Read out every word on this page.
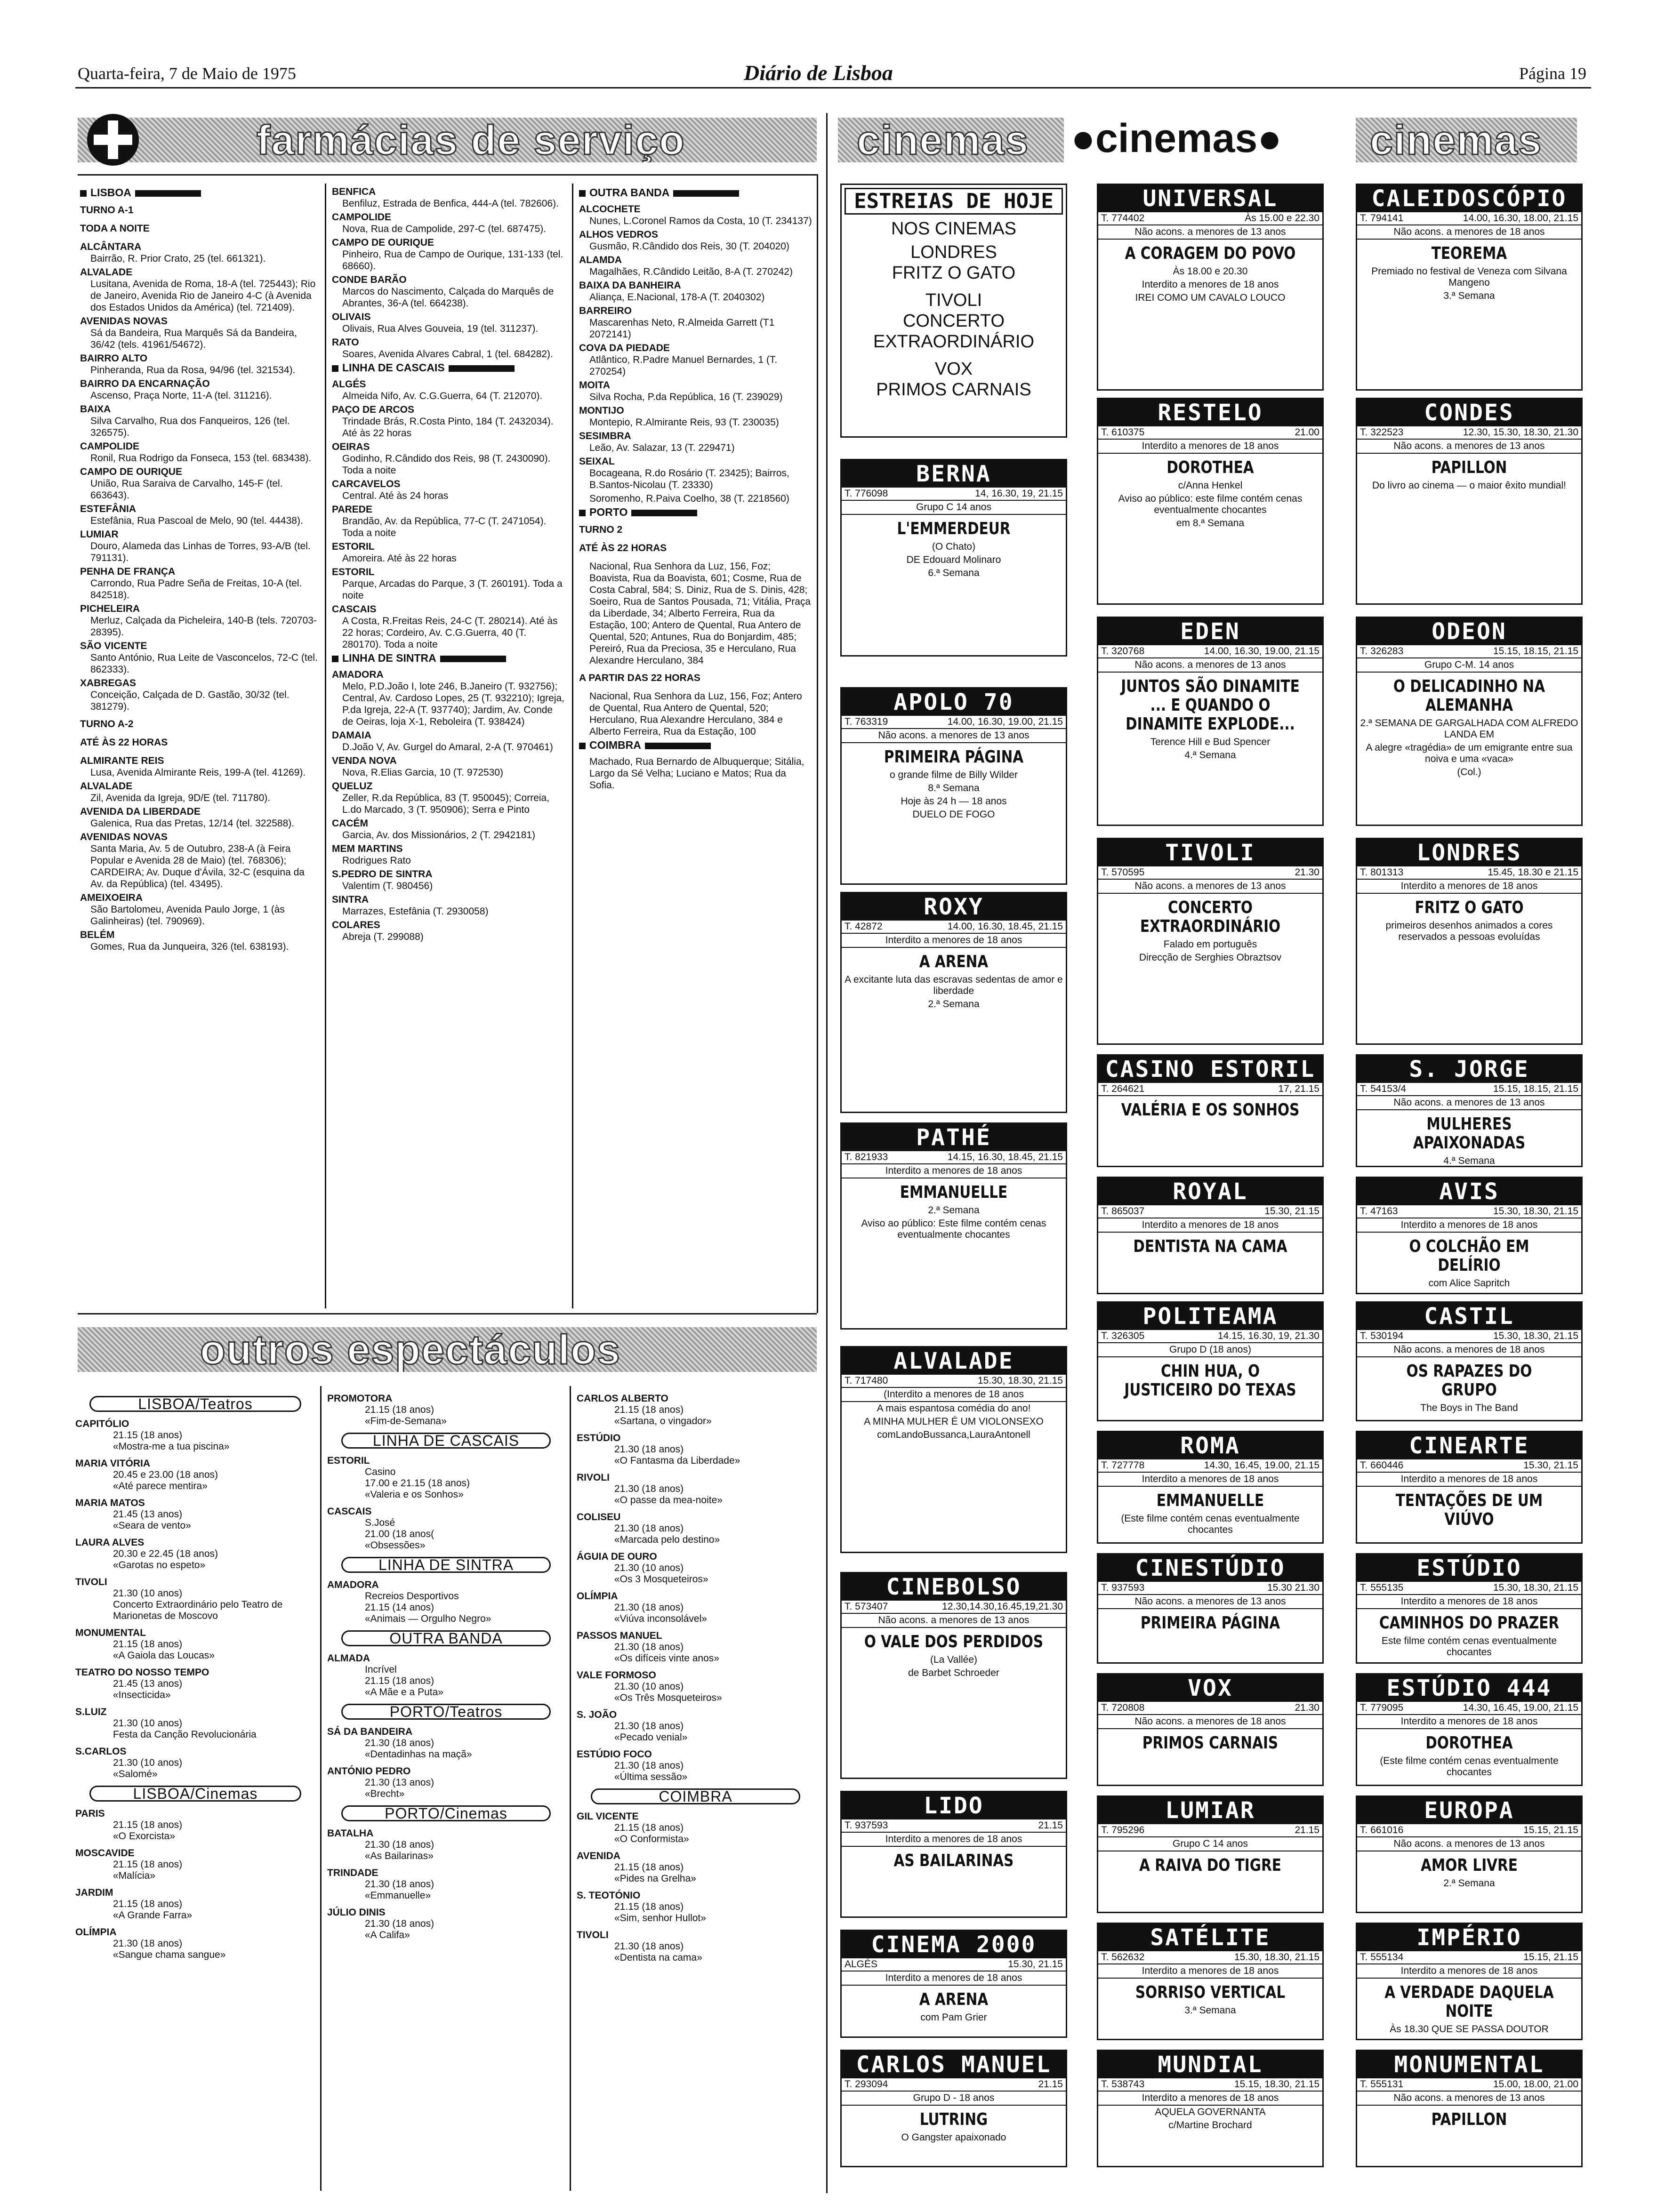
Quarta-feira, 7 de Maio de 1975	Diário de Lisboa	Página 19
farmácias de serviço
LISBOA
TURNO A-1
TODA A NOITE
ALCÂNTARA
Bairrão, R. Prior Crato, 25 (tel. 661321).
ALVALADE
Lusitana, Avenida de Roma, 18-A (tel. 725443); Rio de Janeiro, Avenida Rio de Janeiro 4-C (à Avenida dos Estados Unidos da América) (tel. 721409).
AVENIDAS NOVAS
Sá da Bandeira, Rua Marquês Sá da Bandeira, 36/42 (tels. 41961/54672).
BAIRRO ALTO
Pinheranda, Rua da Rosa, 94/96 (tel. 321534).
BAIRRO DA ENCARNAÇÃO
Ascenso, Praça Norte, 11-A (tel. 311216).
BAIXA
Silva Carvalho, Rua dos Fanqueiros, 126 (tel. 326575).
CAMPOLIDE
Ronil, Rua Rodrigo da Fonseca, 153 (tel. 683438).
CAMPO DE OURIQUE
União, Rua Saraiva de Carvalho, 145-F (tel. 663643).
ESTEFÂNIA
Estefânia, Rua Pascoal de Melo, 90 (tel. 44438).
LUMIAR
Douro, Alameda das Linhas de Torres, 93-A/B (tel. 791131).
PENHA DE FRANÇA
Carrondo, Rua Padre Seña de Freitas, 10-A (tel. 842518).
PICHELEIRA
Merluz, Calçada da Picheleira, 140-B (tels. 720703-28395).
SÃO VICENTE
Santo António, Rua Leite de Vasconcelos, 72-C (tel. 862333).
XABREGAS
Conceição, Calçada de D. Gastão, 30/32 (tel. 381279).
TURNO A-2
ATÉ ÀS 22 HORAS
ALMIRANTE REIS
Lusa, Avenida Almirante Reis, 199-A (tel. 41269).
ALVALADE
Zil, Avenida da Igreja, 9D/E (tel. 711780).
AVENIDA DA LIBERDADE
Galenica, Rua das Pretas, 12/14 (tel. 322588).
AVENIDAS NOVAS
Santa Maria, Av. 5 de Outubro, 238-A (à Feira Popular e Avenida 28 de Maio) (tel. 768306); CARDEIRA; Av. Duque d'Ávila, 32-C (esquina da Av. da República) (tel. 43495).
AMEIXOEIRA
São Bartolomeu, Avenida Paulo Jorge, 1 (às Galinheiras) (tel. 790969).
BELÉM
Gomes, Rua da Junqueira, 326 (tel. 638193).
BENFICA
Benfiluz, Estrada de Benfica, 444-A (tel. 782606).
CAMPOLIDE
Nova, Rua de Campolide, 297-C (tel. 687475).
CAMPO DE OURIQUE
Pinheiro, Rua de Campo de Ourique, 131-133 (tel. 68660).
CONDE BARÃO
Marcos do Nascimento, Calçada do Marquês de Abrantes, 36-A (tel. 664238).
OLIVAIS
Olivais, Rua Alves Gouveia, 19 (tel. 311237).
RATO
Soares, Avenida Alvares Cabral, 1 (tel. 684282).
LINHA DE CASCAIS
ALGÉS
Almeida Nifo, Av. C.G.Guerra, 64 (T. 212070).
PAÇO DE ARCOS
Trindade Brás, R.Costa Pinto, 184 (T. 2432034). Até às 22 horas
OEIRAS
Godinho, R.Cândido dos Reis, 98 (T. 2430090). Toda a noite
CARCAVELOS
Central. Até às 24 horas
PAREDE
Brandão, Av. da República, 77-C (T. 2471054). Toda a noite
ESTORIL
Amoreira. Até às 22 horas
ESTORIL
Parque, Arcadas do Parque, 3 (T. 260191). Toda a noite
CASCAIS
A Costa, R.Freitas Reis, 24-C (T. 280214). Até às 22 horas; Cordeiro, Av. C.G.Guerra, 40 (T. 280170). Toda a noite
LINHA DE SINTRA
AMADORA
Melo, P.D.João I, lote 246, B.Janeiro (T. 932756); Central, Av. Cardoso Lopes, 25 (T. 932210); Igreja, P.da Igreja, 22-A (T. 937740); Jardim, Av. Conde de Oeiras, loja X-1, Reboleira (T. 938424)
DAMAIA
D.João V, Av. Gurgel do Amaral, 2-A (T. 970461)
VENDA NOVA
Nova, R.Elias Garcia, 10 (T. 972530)
QUELUZ
Zeller, R.da República, 83 (T. 950045); Correia, L.do Marcado, 3 (T. 950906); Serra e Pinto
CACÉM
Garcia, Av. dos Missionários, 2 (T. 2942181)
MEM MARTINS
Rodrigues Rato
S.PEDRO DE SINTRA
Valentim (T. 980456)
SINTRA
Marrazes, Estefânia (T. 2930058)
COLARES
Abreja (T. 299088)
OUTRA BANDA
ALCOCHETE
Nunes, L.Coronel Ramos da Costa, 10 (T. 234137)
ALHOS VEDROS
Gusmão, R.Cândido dos Reis, 30 (T. 204020)
ALAMDA
Magalhães, R.Cândido Leitão, 8-A (T. 270242)
BAIXA DA BANHEIRA
Aliança, E.Nacional, 178-A (T. 2040302)
BARREIRO
Mascarenhas Neto, R.Almeida Garrett (T1 2072141)
COVA DA PIEDADE
Atlântico, R.Padre Manuel Bernardes, 1 (T. 270254)
MOITA
Silva Rocha, P.da República, 16 (T. 239029)
MONTIJO
Montepio, R.Almirante Reis, 93 (T. 230035)
SESIMBRA
Leão, Av. Salazar, 13 (T. 229471)
SEIXAL
Bocageana, R.do Rosário (T. 23425); Bairros, B.Santos-Nicolau (T. 23330)
Soromenho, R.Paiva Coelho, 38 (T. 2218560)
PORTO
TURNO 2
ATÉ ÀS 22 HORAS
Nacional, Rua Senhora da Luz, 156, Foz; Boavista, Rua da Boavista, 601; Cosme, Rua de Costa Cabral, 584; S. Diniz, Rua de S. Dinis, 428; Soeiro, Rua de Santos Pousada, 71; Vitália, Praça da Liberdade, 34; Alberto Ferreira, Rua da Estação, 100; Antero de Quental, Rua Antero de Quental, 520; Antunes, Rua do Bonjardim, 485; Pereiró, Rua da Preciosa, 35 e Herculano, Rua Alexandre Herculano, 384
A PARTIR DAS 22 HORAS
Nacional, Rua Senhora da Luz, 156, Foz; Antero de Quental, Rua Antero de Quental, 520; Herculano, Rua Alexandre Herculano, 384 e Alberto Ferreira, Rua da Estação, 100
COIMBRA
Machado, Rua Bernardo de Albuquerque; Sitália, Largo da Sé Velha; Luciano e Matos; Rua da Sofia.
cinemas ●cinemas● cinemas
ESTREIAS DE HOJE
NOS CINEMAS
LONDRES
FRITZ O GATO
TIVOLI
CONCERTO
EXTRAORDINÁRIO
VOX
PRIMOS CARNAIS
BERNA
T. 776098	14, 16.30, 19, 21.15
Grupo C 14 anos
L'EMMERDEUR
(O Chato)
DE Edouard Molinaro
6.ª Semana
APOLO 70
T. 763319	14.00, 16.30, 19.00, 21.15
Não acons. a menores de 13 anos
PRIMEIRA PÁGINA
o grande filme de Billy Wilder
8.ª Semana
Hoje às 24 h — 18 anos
DUELO DE FOGO
ROXY
T. 42872	14.00, 16.30, 18.45, 21.15
Interdito a menores de 18 anos
A ARENA
A excitante luta das escravas sedentas de amor e liberdade
2.ª Semana
PATHÉ
T. 821933	14.15, 16.30, 18.45, 21.15
Interdito a menores de 18 anos
EMMANUELLE
2.ª Semana
Aviso ao público: Este filme contém cenas eventualmente chocantes
ALVALADE
T. 717480	15.30, 18.30, 21.15
(Interdito a menores de 18 anos
A mais espantosa comédia do ano!
A MINHA MULHER É UM VIOLONSEXO
comLandoBussanca,LauraAntonell
CINEBOLSO
T. 573407	12.30,14.30,16.45,19,21.30
Não acons. a menores de 13 anos
O VALE DOS PERDIDOS
(La Vallée)
de Barbet Schroeder
LIDO
T. 937593	21.15
Interdito a menores de 18 anos
AS BAILARINAS
CINEMA 2000
ALGÉS	15.30, 21.15
Interdito a menores de 18 anos
A ARENA
com Pam Grier
CARLOS MANUEL
T. 293094	21.15
Grupo D - 18 anos
LUTRING
O Gangster apaixonado
UNIVERSAL
T. 774402	Às 15.00 e 22.30
Não acons. a menores de 13 anos
A CORAGEM DO POVO
Às 18.00 e 20.30
Interdito a menores de 18 anos
IREI COMO UM CAVALO LOUCO
RESTELO
T. 610375	21.00
Interdito a menores de 18 anos
DOROTHEA
c/Anna Henkel
Aviso ao público: este filme contém cenas eventualmente chocantes
em 8.ª Semana
EDEN
T. 320768	14.00, 16.30, 19.00, 21.15
Não acons. a menores de 13 anos
JUNTOS SÃO DINAMITE ... E QUANDO O DINAMITE EXPLODE...
Terence Hill e Bud Spencer
4.ª Semana
TIVOLI
T. 570595	21.30
Não acons. a menores de 13 anos
CONCERTO EXTRAORDINÁRIO
Falado em português
Direcção de Serghies Obraztsov
CASINO ESTORIL
T. 264621	17, 21.15
VALÉRIA E OS SONHOS
ROYAL
T. 865037	15.30, 21.15
Interdito a menores de 18 anos
DENTISTA NA CAMA
POLITEAMA
T. 326305	14.15, 16.30, 19, 21.30
Grupo D (18 anos)
CHIN HUA, O JUSTICEIRO DO TEXAS
ROMA
T. 727778	14.30, 16.45, 19.00, 21.15
Interdito a menores de 18 anos
EMMANUELLE
(Este filme contém cenas eventualmente chocantes
CINESTÚDIO
T. 937593	15.30 21.30
Não acons. a menores de 13 anos
PRIMEIRA PÁGINA
VOX
T. 720808	21.30
Não acons. a menores de 18 anos
PRIMOS CARNAIS
LUMIAR
T. 795296	21.15
Grupo C 14 anos
A RAIVA DO TIGRE
SATÉLITE
T. 562632	15.30, 18.30, 21.15
Interdito a menores de 18 anos
SORRISO VERTICAL
3.ª Semana
MUNDIAL
T. 538743	15.15, 18.30, 21.15
Interdito a menores de 18 anos
AQUELA GOVERNANTA
c/Martine Brochard
CALEIDOSCÓPIO
T. 794141	14.00, 16.30, 18.00, 21.15
Não acons. a menores de 18 anos
TEOREMA
Premiado no festival de Veneza com Silvana Mangeno
3.ª Semana
CONDES
T. 322523	12.30, 15.30, 18.30, 21.30
Não acons. a menores de 13 anos
PAPILLON
Do livro ao cinema — o maior êxito mundial!
ODEON
T. 326283	15.15, 18.15, 21.15
Grupo C-M. 14 anos
O DELICADINHO NA ALEMANHA
2.ª SEMANA DE GARGALHADA COM ALFREDO LANDA EM
A alegre «tragédia» de um emigrante entre sua noiva e uma «vaca»
(Col.)
LONDRES
T. 801313	15.45, 18.30 e 21.15
Interdito a menores de 18 anos
FRITZ O GATO
primeiros desenhos animados a cores reservados a pessoas evoluídas
S. JORGE
T. 54153/4	15.15, 18.15, 21.15
Não acons. a menores de 13 anos
MULHERES APAIXONADAS
4.ª Semana
AVIS
T. 47163	15.30, 18.30, 21.15
Interdito a menores de 18 anos
O COLCHÃO EM DELÍRIO
com Alice Sapritch
CASTIL
T. 530194	15.30, 18.30, 21.15
Não acons. a menores de 18 anos
OS RAPAZES DO GRUPO
The Boys in The Band
CINEARTE
T. 660446	15.30, 21.15
Interdito a menores de 18 anos
TENTAÇÕES DE UM VIÚVO
ESTÚDIO
T. 555135	15.30, 18.30, 21.15
Interdito a menores de 18 anos
CAMINHOS DO PRAZER
Este filme contém cenas eventualmente chocantes
ESTÚDIO 444
T. 779095	14.30, 16.45, 19.00, 21.15
Interdito a menores de 18 anos
DOROTHEA
(Este filme contém cenas eventualmente chocantes
EUROPA
T. 661016	15.15, 21.15
Não acons. a menores de 13 anos
AMOR LIVRE
2.ª Semana
IMPÉRIO
T. 555134	15.15, 21.15
Interdito a menores de 18 anos
A VERDADE DAQUELA NOITE
Às 18.30 QUE SE PASSA DOUTOR
MONUMENTAL
T. 555131	15.00, 18.00, 21.00
Não acons. a menores de 13 anos
PAPILLON
outros espectáculos
LISBOA/Teatros
CAPITÓLIO
21.15 (18 anos)
«Mostra-me a tua piscina»
MARIA VITÓRIA
20.45 e 23.00 (18 anos)
«Até parece mentira»
MARIA MATOS
21.45 (13 anos)
«Seara de vento»
LAURA ALVES
20.30 e 22.45 (18 anos)
«Garotas no espeto»
TIVOLI
21.30 (10 anos)
Concerto Extraordinário pelo Teatro de Marionetas de Moscovo
MONUMENTAL
21.15 (18 anos)
«A Gaiola das Loucas»
TEATRO DO NOSSO TEMPO
21.45 (13 anos)
«Insecticida»
S.LUIZ
21.30 (10 anos)
Festa da Canção Revolucionária
S.CARLOS
21.30 (10 anos)
«Salomé»
LISBOA/Cinemas
PARIS
21.15 (18 anos)
«O Exorcista»
MOSCAVIDE
21.15 (18 anos)
«Malícia»
JARDIM
21.15 (18 anos)
«A Grande Farra»
OLÍMPIA
21.30 (18 anos)
«Sangue chama sangue»
PROMOTORA
21.15 (18 anos)
«Fim-de-Semana»
LINHA DE CASCAIS
ESTORIL
Casino
17.00 e 21.15 (18 anos)
«Valeria e os Sonhos»
CASCAIS
S.José
21.00 (18 anos(
«Obsessões»
LINHA DE SINTRA
AMADORA
Recreios Desportivos
21.15 (14 anos)
«Animais — Orgulho Negro»
OUTRA BANDA
ALMADA
Incrível
21.15 (18 anos)
«A Mãe e a Puta»
PORTO/Teatros
SÁ DA BANDEIRA
21.30 (18 anos)
«Dentadinhas na maçã»
ANTÓNIO PEDRO
21.30 (13 anos)
«Brecht»
PORTO/Cinemas
BATALHA
21.30 (18 anos)
«As Bailarinas»
TRINDADE
21.30 (18 anos)
«Emmanuelle»
JÚLIO DINIS
21.30 (18 anos)
«A Califa»
CARLOS ALBERTO
21.15 (18 anos)
«Sartana, o vingador»
ESTÚDIO
21.30 (18 anos)
«O Fantasma da Liberdade»
RIVOLI
21.30 (18 anos)
«O passe da mea-noite»
COLISEU
21.30 (18 anos)
«Marcada pelo destino»
ÁGUIA DE OURO
21.30 (10 anos)
«Os 3 Mosqueteiros»
OLÍMPIA
21.30 (18 anos)
«Viúva inconsolável»
PASSOS MANUEL
21.30 (18 anos)
«Os difíceis vinte anos»
VALE FORMOSO
21.30 (10 anos)
«Os Três Mosqueteiros»
S. JOÃO
21.30 (18 anos)
«Pecado venial»
ESTÚDIO FOCO
21.30 (18 anos)
«Última sessão»
COIMBRA
GIL VICENTE
21.15 (18 anos)
«O Conformista»
AVENIDA
21.15 (18 anos)
«Pides na Grelha»
S. TEOTÓNIO
21.15 (18 anos)
«Sim, senhor Hullot»
TIVOLI
21.30 (18 anos)
«Dentista na cama»
